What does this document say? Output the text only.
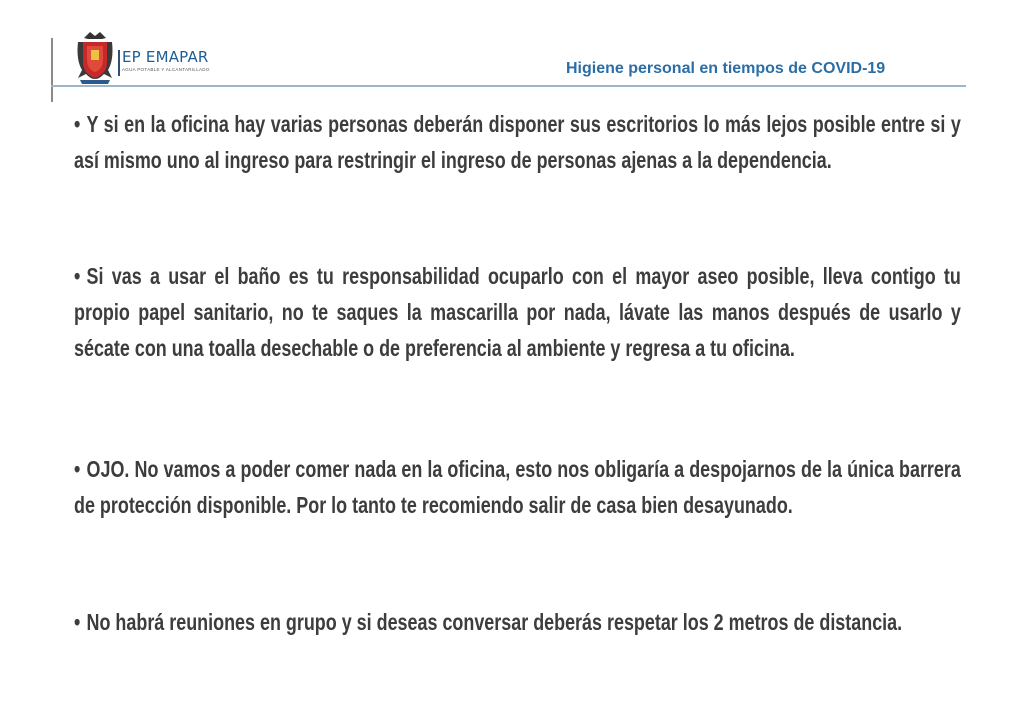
EP EMAPAR
AGUA POTABLE Y ALCANTARILLADO	Higiene personal en tiempos de COVID-19

• Y si en la oficina hay varias personas deberán disponer sus escritorios lo más lejos posible entre si y así mismo uno al ingreso para restringir el ingreso de personas ajenas a la dependencia.

• Si vas a usar el baño es tu responsabilidad ocuparlo con el mayor aseo posible, lleva contigo tu propio papel sanitario, no te saques la mascarilla por nada, lávate las manos después de usarlo y sécate con una toalla desechable o de preferencia al ambiente y regresa a tu oficina.

• OJO. No vamos a poder comer nada en la oficina, esto nos obligaría a despojarnos de la única barrera de protección disponible. Por lo tanto te recomiendo salir de casa bien desayunado.

• No habrá reuniones en grupo y si deseas conversar deberás respetar los 2 metros de distancia.
